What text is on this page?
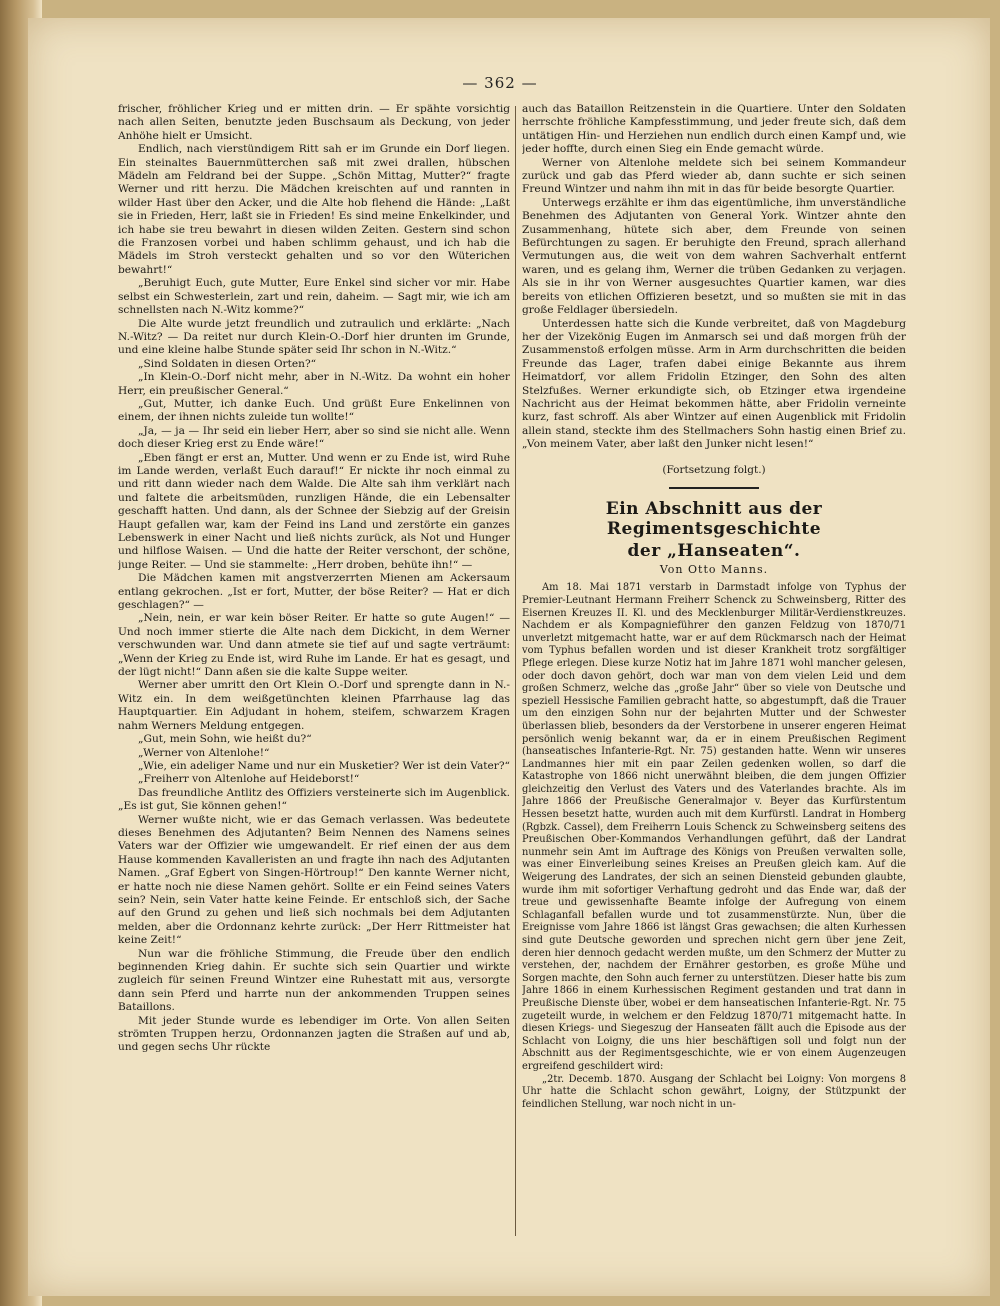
— 362 —

frischer, fröhlicher Krieg und er mitten drin. — Er spähte vorsichtig nach allen Seiten, benutzte jeden Buschsaum als Deckung, von jeder Anhöhe hielt er Umsicht.

Endlich, nach vierstündigem Ritt sah er im Grunde ein Dorf liegen. Ein steinaltes Bauernmütterchen saß mit zwei drallen, hübschen Mädeln am Feldrand bei der Suppe. „Schön Mittag, Mutter?“ fragte Werner und ritt herzu. Die Mädchen kreischten auf und rannten in wilder Hast über den Acker, und die Alte hob flehend die Hände: „Laßt sie in Frieden, Herr, laßt sie in Frieden! Es sind meine Enkelkinder, und ich habe sie treu bewahrt in diesen wilden Zeiten. Gestern sind schon die Franzosen vorbei und haben schlimm gehaust, und ich hab die Mädels im Stroh versteckt gehalten und so vor den Wüterichen bewahrt!“

„Beruhigt Euch, gute Mutter, Eure Enkel sind sicher vor mir. Habe selbst ein Schwesterlein, zart und rein, daheim. — Sagt mir, wie ich am schnellsten nach N.-Witz komme?“

Die Alte wurde jetzt freundlich und zutraulich und erklärte: „Nach N.-Witz? — Da reitet nur durch Klein-O.-Dorf hier drunten im Grunde, und eine kleine halbe Stunde später seid Ihr schon in N.-Witz.“

„Sind Soldaten in diesen Orten?“

„In Klein-O.-Dorf nicht mehr, aber in N.-Witz. Da wohnt ein hoher Herr, ein preußischer General.“

„Gut, Mutter, ich danke Euch. Und grüßt Eure Enkelinnen von einem, der ihnen nichts zuleide tun wollte!“

„Ja, — ja — Ihr seid ein lieber Herr, aber so sind sie nicht alle. Wenn doch dieser Krieg erst zu Ende wäre!“

„Eben fängt er erst an, Mutter. Und wenn er zu Ende ist, wird Ruhe im Lande werden, verlaßt Euch darauf!“ Er nickte ihr noch einmal zu und ritt dann wieder nach dem Walde. Die Alte sah ihm verklärt nach und faltete die arbeitsmüden, runzligen Hände, die ein Lebensalter geschafft hatten. Und dann, als der Schnee der Siebzig auf der Greisin Haupt gefallen war, kam der Feind ins Land und zerstörte ein ganzes Lebenswerk in einer Nacht und ließ nichts zurück, als Not und Hunger und hilflose Waisen. — Und die hatte der Reiter verschont, der schöne, junge Reiter. — Und sie stammelte: „Herr droben, behüte ihn!“ —

Die Mädchen kamen mit angstverzerrten Mienen am Ackersaum entlang gekrochen. „Ist er fort, Mutter, der böse Reiter? — Hat er dich geschlagen?“ —

„Nein, nein, er war kein böser Reiter. Er hatte so gute Augen!“ — Und noch immer stierte die Alte nach dem Dickicht, in dem Werner verschwunden war. Und dann atmete sie tief auf und sagte verträumt: „Wenn der Krieg zu Ende ist, wird Ruhe im Lande. Er hat es gesagt, und der lügt nicht!“ Dann aßen sie die kalte Suppe weiter.

Werner aber umritt den Ort Klein O.-Dorf und sprengte dann in N.-Witz ein. In dem weißgetünchten kleinen Pfarrhause lag das Hauptquartier. Ein Adjudant in hohem, steifem, schwarzem Kragen nahm Werners Meldung entgegen.

„Gut, mein Sohn, wie heißt du?“

„Werner von Altenlohe!“

„Wie, ein adeliger Name und nur ein Musketier? Wer ist dein Vater?“

„Freiherr von Altenlohe auf Heideborst!“

Das freundliche Antlitz des Offiziers versteinerte sich im Augenblick. „Es ist gut, Sie können gehen!“

Werner wußte nicht, wie er das Gemach verlassen. Was bedeutete dieses Benehmen des Adjutanten? Beim Nennen des Namens seines Vaters war der Offizier wie umgewandelt. Er rief einen der aus dem Hause kommenden Kavalleristen an und fragte ihn nach des Adjutanten Namen. „Graf Egbert von Singen-Hörtroup!“ Den kannte Werner nicht, er hatte noch nie diese Namen gehört. Sollte er ein Feind seines Vaters sein? Nein, sein Vater hatte keine Feinde. Er entschloß sich, der Sache auf den Grund zu gehen und ließ sich nochmals bei dem Adjutanten melden, aber die Ordonnanz kehrte zurück: „Der Herr Rittmeister hat keine Zeit!“

Nun war die fröhliche Stimmung, die Freude über den endlich beginnenden Krieg dahin. Er suchte sich sein Quartier und wirkte zugleich für seinen Freund Wintzer eine Ruhestatt mit aus, versorgte dann sein Pferd und harrte nun der ankommenden Truppen seines Bataillons.

Mit jeder Stunde wurde es lebendiger im Orte. Von allen Seiten strömten Truppen herzu, Ordonnanzen jagten die Straßen auf und ab, und gegen sechs Uhr rückte

auch das Bataillon Reitzenstein in die Quartiere. Unter den Soldaten herrschte fröhliche Kampfesstimmung, und jeder freute sich, daß dem untätigen Hin- und Herziehen nun endlich durch einen Kampf und, wie jeder hoffte, durch einen Sieg ein Ende gemacht würde.

Werner von Altenlohe meldete sich bei seinem Kommandeur zurück und gab das Pferd wieder ab, dann suchte er sich seinen Freund Wintzer und nahm ihn mit in das für beide besorgte Quartier.

Unterwegs erzählte er ihm das eigentümliche, ihm unverständliche Benehmen des Adjutanten von General York. Wintzer ahnte den Zusammenhang, hütete sich aber, dem Freunde von seinen Befürchtungen zu sagen. Er beruhigte den Freund, sprach allerhand Vermutungen aus, die weit von dem wahren Sachverhalt entfernt waren, und es gelang ihm, Werner die trüben Gedanken zu verjagen. Als sie in ihr von Werner ausgesuchtes Quartier kamen, war dies bereits von etlichen Offizieren besetzt, und so mußten sie mit in das große Feldlager übersiedeln.

Unterdessen hatte sich die Kunde verbreitet, daß von Magdeburg her der Vizekönig Eugen im Anmarsch sei und daß morgen früh der Zusammenstoß erfolgen müsse. Arm in Arm durchschritten die beiden Freunde das Lager, trafen dabei einige Bekannte aus ihrem Heimatdorf, vor allem Fridolin Etzinger, den Sohn des alten Stelzfußes. Werner erkundigte sich, ob Etzinger etwa irgendeine Nachricht aus der Heimat bekommen hätte, aber Fridolin verneinte kurz, fast schroff. Als aber Wintzer auf einen Augenblick mit Fridolin allein stand, steckte ihm des Stellmachers Sohn hastig einen Brief zu. „Von meinem Vater, aber laßt den Junker nicht lesen!“

(Fortsetzung folgt.)
Ein Abschnitt aus der Regimentsgeschichte
der „Hanseaten“.
Von Otto Manns.

Am 18. Mai 1871 verstarb in Darmstadt infolge von Typhus der Premier-Leutnant Hermann Freiherr Schenck zu Schweinsberg, Ritter des Eisernen Kreuzes II. Kl. und des Mecklenburger Militär-Verdienstkreuzes. Nachdem er als Kompagnieführer den ganzen Feldzug von 1870/71 unverletzt mitgemacht hatte, war er auf dem Rückmarsch nach der Heimat vom Typhus befallen worden und ist dieser Krankheit trotz sorgfältiger Pflege erlegen. Diese kurze Notiz hat im Jahre 1871 wohl mancher gelesen, oder doch davon gehört, doch war man von dem vielen Leid und dem großen Schmerz, welche das „große Jahr“ über so viele von Deutsche und speziell Hessische Familien gebracht hatte, so abgestumpft, daß die Trauer um den einzigen Sohn nur der bejahrten Mutter und der Schwester überlassen blieb, besonders da der Verstorbene in unserer engeren Heimat persönlich wenig bekannt war, da er in einem Preußischen Regiment (hanseatisches Infanterie-Rgt. Nr. 75) gestanden hatte. Wenn wir unseres Landmannes hier mit ein paar Zeilen gedenken wollen, so darf die Katastrophe von 1866 nicht unerwähnt bleiben, die dem jungen Offizier gleichzeitig den Verlust des Vaters und des Vaterlandes brachte. Als im Jahre 1866 der Preußische Generalmajor v. Beyer das Kurfürstentum Hessen besetzt hatte, wurden auch mit dem Kurfürstl. Landrat in Homberg (Rgbzk. Cassel), dem Freiherrn Louis Schenck zu Schweinsberg seitens des Preußischen Ober-Kommandos Verhandlungen geführt, daß der Landrat nunmehr sein Amt im Auftrage des Königs von Preußen verwalten solle, was einer Einverleibung seines Kreises an Preußen gleich kam. Auf die Weigerung des Landrates, der sich an seinen Diensteid gebunden glaubte, wurde ihm mit sofortiger Verhaftung gedroht und das Ende war, daß der treue und gewissenhafte Beamte infolge der Aufregung von einem Schlaganfall befallen wurde und tot zusammenstürzte. Nun, über die Ereignisse vom Jahre 1866 ist längst Gras gewachsen; die alten Kurhessen sind gute Deutsche geworden und sprechen nicht gern über jene Zeit, deren hier dennoch gedacht werden mußte, um den Schmerz der Mutter zu verstehen, der, nachdem der Ernährer gestorben, es große Mühe und Sorgen machte, den Sohn auch ferner zu unterstützen. Dieser hatte bis zum Jahre 1866 in einem Kurhessischen Regiment gestanden und trat dann in Preußische Dienste über, wobei er dem hanseatischen Infanterie-Rgt. Nr. 75 zugeteilt wurde, in welchem er den Feldzug 1870/71 mitgemacht hatte. In diesen Kriegs- und Siegeszug der Hanseaten fällt auch die Episode aus der Schlacht von Loigny, die uns hier beschäftigen soll und folgt nun der Abschnitt aus der Regimentsgeschichte, wie er von einem Augenzeugen ergreifend geschildert wird:

„2tr. Decemb. 1870. Ausgang der Schlacht bei Loigny: Von morgens 8 Uhr hatte die Schlacht schon gewährt, Loigny, der Stützpunkt der feindlichen Stellung, war noch nicht in un-
